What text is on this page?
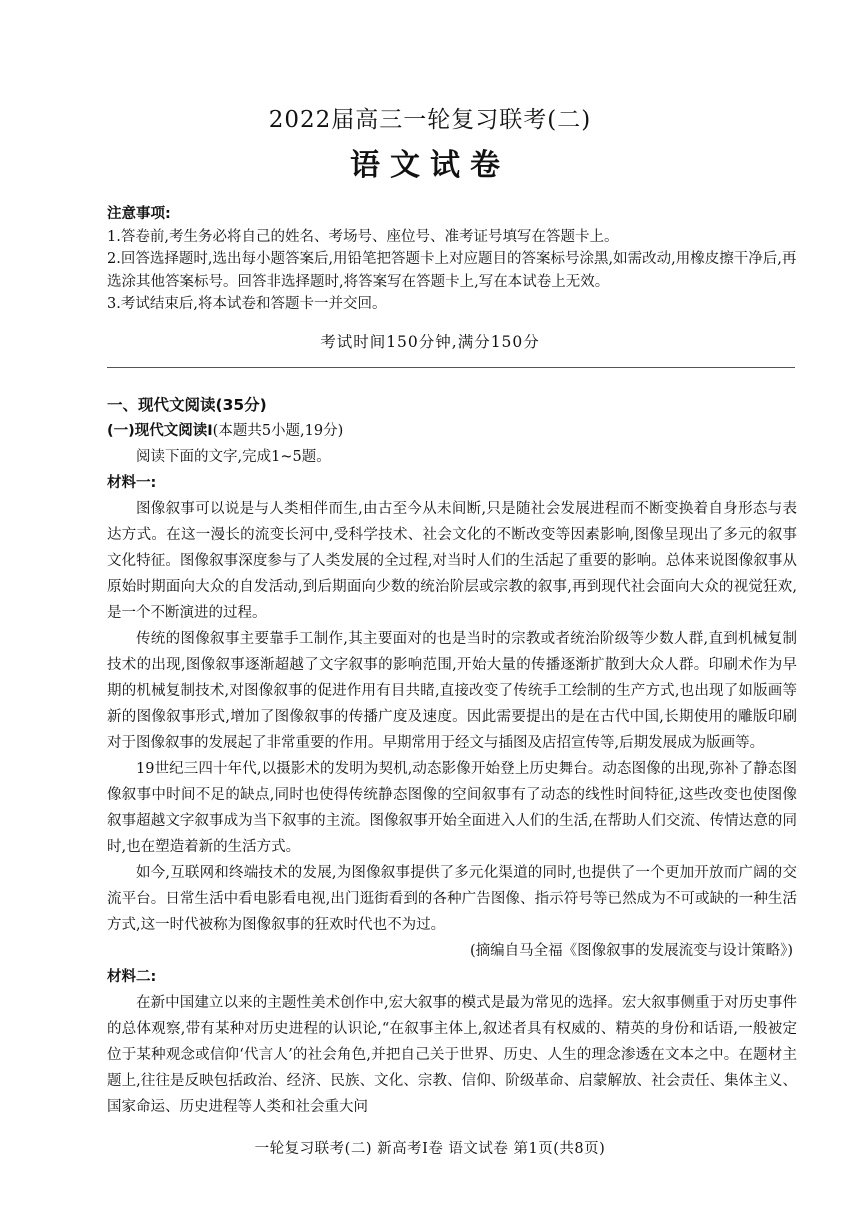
2022届高三一轮复习联考(二)
语文试卷
注意事项:
1.答卷前,考生务必将自己的姓名、考场号、座位号、准考证号填写在答题卡上。
2.回答选择题时,选出每小题答案后,用铅笔把答题卡上对应题目的答案标号涂黑,如需改动,用橡皮擦干净后,再选涂其他答案标号。回答非选择题时,将答案写在答题卡上,写在本试卷上无效。
3.考试结束后,将本试卷和答题卡一并交回。
考试时间150分钟,满分150分
一、现代文阅读(35分)
(一)现代文阅读Ⅰ(本题共5小题,19分)
阅读下面的文字,完成1~5题。
材料一:

图像叙事可以说是与人类相伴而生,由古至今从未间断,只是随社会发展进程而不断变换着自身形态与表达方式。在这一漫长的流变长河中,受科学技术、社会文化的不断改变等因素影响,图像呈现出了多元的叙事文化特征。图像叙事深度参与了人类发展的全过程,对当时人们的生活起了重要的影响。总体来说图像叙事从原始时期面向大众的自发活动,到后期面向少数的统治阶层或宗教的叙事,再到现代社会面向大众的视觉狂欢,是一个不断演进的过程。

传统的图像叙事主要靠手工制作,其主要面对的也是当时的宗教或者统治阶级等少数人群,直到机械复制技术的出现,图像叙事逐渐超越了文字叙事的影响范围,开始大量的传播逐渐扩散到大众人群。印刷术作为早期的机械复制技术,对图像叙事的促进作用有目共睹,直接改变了传统手工绘制的生产方式,也出现了如版画等新的图像叙事形式,增加了图像叙事的传播广度及速度。因此需要提出的是在古代中国,长期使用的雕版印刷对于图像叙事的发展起了非常重要的作用。早期常用于经文与插图及店招宣传等,后期发展成为版画等。

19世纪三四十年代,以摄影术的发明为契机,动态影像开始登上历史舞台。动态图像的出现,弥补了静态图像叙事中时间不足的缺点,同时也使得传统静态图像的空间叙事有了动态的线性时间特征,这些改变也使图像叙事超越文字叙事成为当下叙事的主流。图像叙事开始全面进入人们的生活,在帮助人们交流、传情达意的同时,也在塑造着新的生活方式。

如今,互联网和终端技术的发展,为图像叙事提供了多元化渠道的同时,也提供了一个更加开放而广阔的交流平台。日常生活中看电影看电视,出门逛街看到的各种广告图像、指示符号等已然成为不可或缺的一种生活方式,这一时代被称为图像叙事的狂欢时代也不为过。

(摘编自马全福《图像叙事的发展流变与设计策略》)
材料二:

在新中国建立以来的主题性美术创作中,宏大叙事的模式是最为常见的选择。宏大叙事侧重于对历史事件的总体观察,带有某种对历史进程的认识论,“在叙事主体上,叙述者具有权威的、精英的身份和话语,一般被定位于某种观念或信仰‘代言人’的社会角色,并把自己关于世界、历史、人生的理念渗透在文本之中。在题材主题上,往往是反映包括政治、经济、民族、文化、宗教、信仰、阶级革命、启蒙解放、社会责任、集体主义、国家命运、历史进程等人类和社会重大问

一轮复习联考(二) 新高考Ⅰ卷 语文试卷 第1页(共8页)
